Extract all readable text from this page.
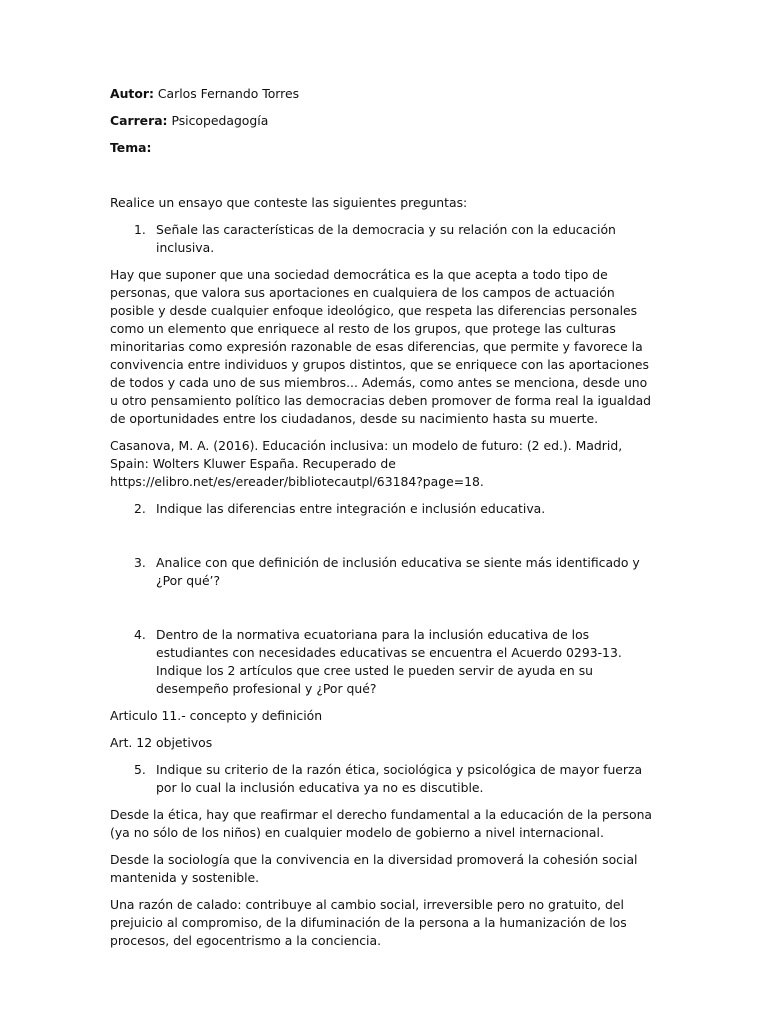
Autor: Carlos Fernando Torres

Carrera: Psicopedagogía

Tema:

Realice un ensayo que conteste las siguientes preguntas:

1. Señale las características de la democracia y su relación con la educación inclusiva.

Hay que suponer que una sociedad democrática es la que acepta a todo tipo de personas, que valora sus aportaciones en cualquiera de los campos de actuación posible y desde cualquier enfoque ideológico, que respeta las diferencias personales como un elemento que enriquece al resto de los grupos, que protege las culturas minoritarias como expresión razonable de esas diferencias, que permite y favorece la convivencia entre individuos y grupos distintos, que se enriquece con las aportaciones de todos y cada uno de sus miembros... Además, como antes se menciona, desde uno u otro pensamiento político las democracias deben promover de forma real la igualdad de oportunidades entre los ciudadanos, desde su nacimiento hasta su muerte.

Casanova, M. A. (2016). Educación inclusiva: un modelo de futuro: (2 ed.). Madrid, Spain: Wolters Kluwer España. Recuperado de https://elibro.net/es/ereader/bibliotecautpl/63184?page=18.

2. Indique las diferencias entre integración e inclusión educativa.
3. Analice con que definición de inclusión educativa se siente más identificado y ¿Por qué’?
4. Dentro de la normativa ecuatoriana para la inclusión educativa de los estudiantes con necesidades educativas se encuentra el Acuerdo 0293-13. Indique los 2 artículos que cree usted le pueden servir de ayuda en su desempeño profesional y ¿Por qué?

Articulo 11.- concepto y definición

Art. 12 objetivos

5. Indique su criterio de la razón ética, sociológica y psicológica de mayor fuerza por lo cual la inclusión educativa ya no es discutible.

Desde la ética, hay que reafirmar el derecho fundamental a la educación de la persona (ya no sólo de los niños) en cualquier modelo de gobierno a nivel internacional.

Desde la sociología que la convivencia en la diversidad promoverá la cohesión social mantenida y sostenible.

Una razón de calado: contribuye al cambio social, irreversible pero no gratuito, del prejuicio al compromiso, de la difuminación de la persona a la humanización de los procesos, del egocentrismo a la conciencia.
